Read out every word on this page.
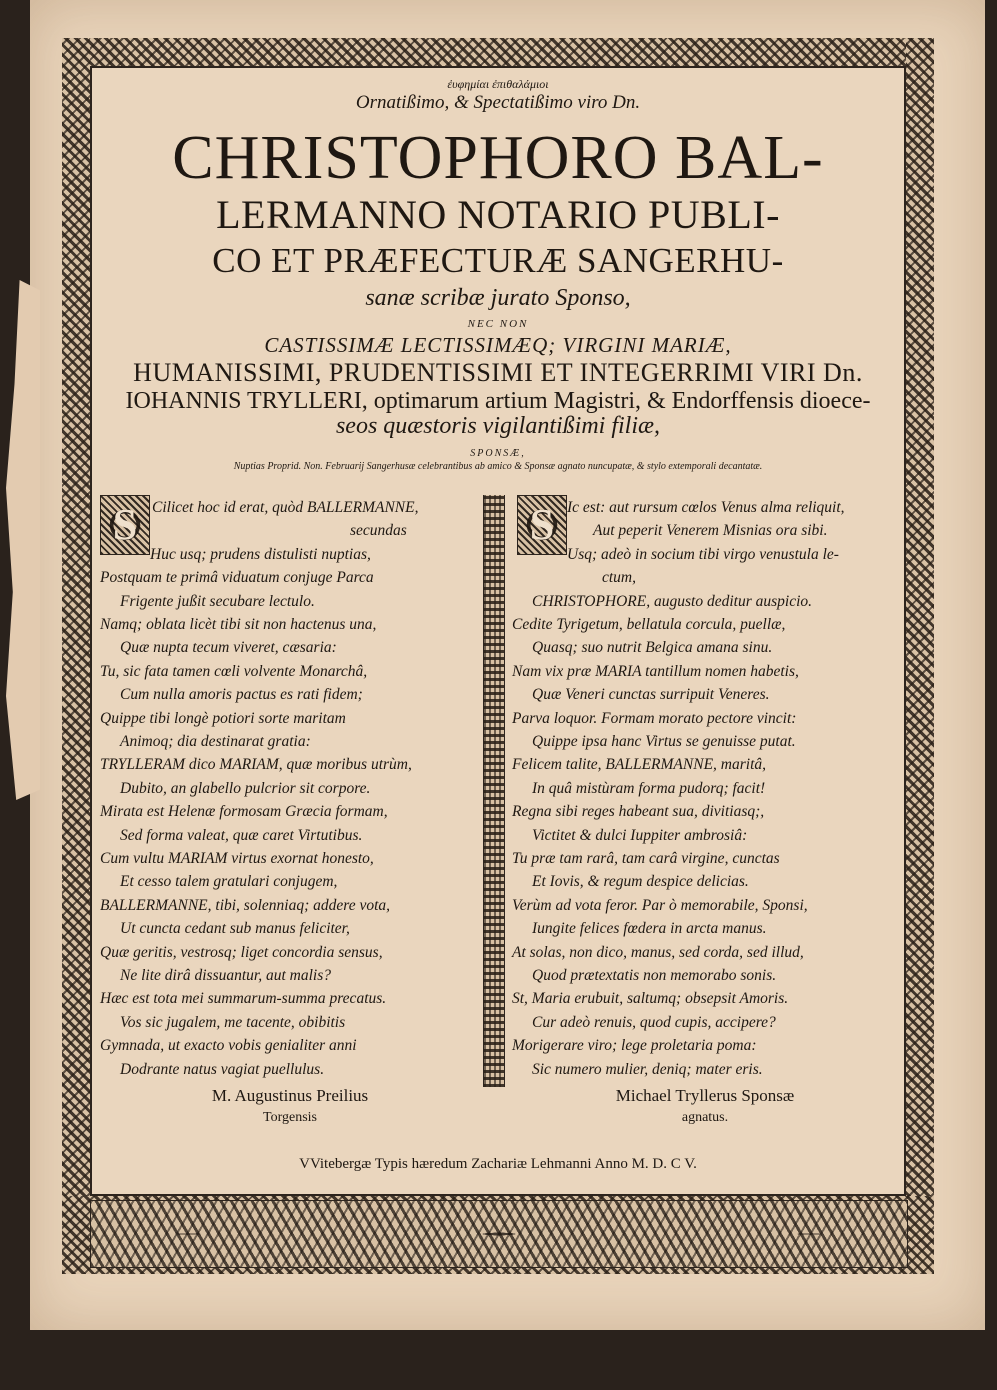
ἐυφημίαι ἐπιθαλάμιοι
Ornatißimo, & Spectatißimo viro Dn.
CHRISTOPHORO BAL-
LERMANNO NOTARIO PUBLI-
CO ET PRÆFECTURÆ SANGERHU-
sanæ scribæ jurato Sponso,
NEC NON
CASTISSIMÆ LECTISSIMÆQ; VIRGINI MARIÆ,
HUMANISSIMI, PRUDENTISSIMI ET INTEGERRIMI VIRI Dn.
IOHANNIS TRYLLERI, optimarum artium Magistri, & Endorffensis dioece-
seos quæstoris vigilantißimi filiæ,
SPONSÆ,
Nuptias Proprid. Non. Februarij Sangerhusæ celebrantibus ab amico & Sponsæ agnato nuncupatæ, & stylo extemporali decantatæ.
S Cilicet hoc id erat, quòd BALLERMANNE,
secundas
Huc usq; prudens distulisti nuptias,
Postquam te primâ viduatum conjuge Parca
Frigente jußit secubare lectulo.
Namq; oblata licèt tibi sit non hactenus una,
Quæ nupta tecum viveret, cæsaria:
Tu, sic fata tamen cœli volvente Monarchâ,
Cum nulla amoris pactus es rati fidem;
Quippe tibi longè potiori sorte maritam
Animoq; dia destinarat gratia:
TRYLLERAM dico MARIAM, quæ moribus utrùm,
Dubito, an glabello pulcrior sit corpore.
Mirata est Helenæ formosam Græcia formam,
Sed forma valeat, quæ caret Virtutibus.
Cum vultu MARIAM virtus exornat honesto,
Et cesso talem gratulari conjugem,
BALLERMANNE, tibi, solenniaq; addere vota,
Ut cuncta cedant sub manus feliciter,
Quæ geritis, vestrosq; liget concordia sensus,
Ne lite dirâ dissuantur, aut malis?
Hæc est tota mei summarum-summa precatus.
Vos sic jugalem, me tacente, obibitis
Gymnada, ut exacto vobis genialiter anni
Dodrante natus vagiat puellulus.
M. Augustinus Preilius
Torgensis
S Ic est: aut rursum cœlos Venus alma reliquit,
Aut peperit Venerem Misnias ora sibi.
Usq; adeò in socium tibi virgo venustula le-
ctum,
CHRISTOPHORE, augusto deditur auspicio.
Cedite Tyrigetum, bellatula corcula, puellæ,
Quasq; suo nutrit Belgica amana sinu.
Nam vix præ MARIA tantillum nomen habetis,
Quæ Veneri cunctas surripuit Veneres.
Parva loquor. Formam morato pectore vincit:
Quippe ipsa hanc Virtus se genuisse putat.
Felicem talite, BALLERMANNE, maritâ,
In quâ mistùram forma pudorq; facit!
Regna sibi reges habeant sua, divitiasq;,
Victitet & dulci Iuppiter ambrosiâ:
Tu præ tam rarâ, tam carâ virgine, cunctas
Et Iovis, & regum despice delicias.
Verùm ad vota feror. Par ò memorabile, Sponsi,
Iungite felices fœdera in arcta manus.
At solas, non dico, manus, sed corda, sed illud,
Quod prætextatis non memorabo sonis.
St, Maria erubuit, saltumq; obsepsit Amoris.
Cur adeò renuis, quod cupis, accipere?
Morigerare viro; lege proletaria poma:
Sic numero mulier, deniq; mater eris.
Michael Tryllerus Sponsæ
agnatus.
VVitebergæ Typis hæredum Zachariæ Lehmanni Anno M. D. C V.
